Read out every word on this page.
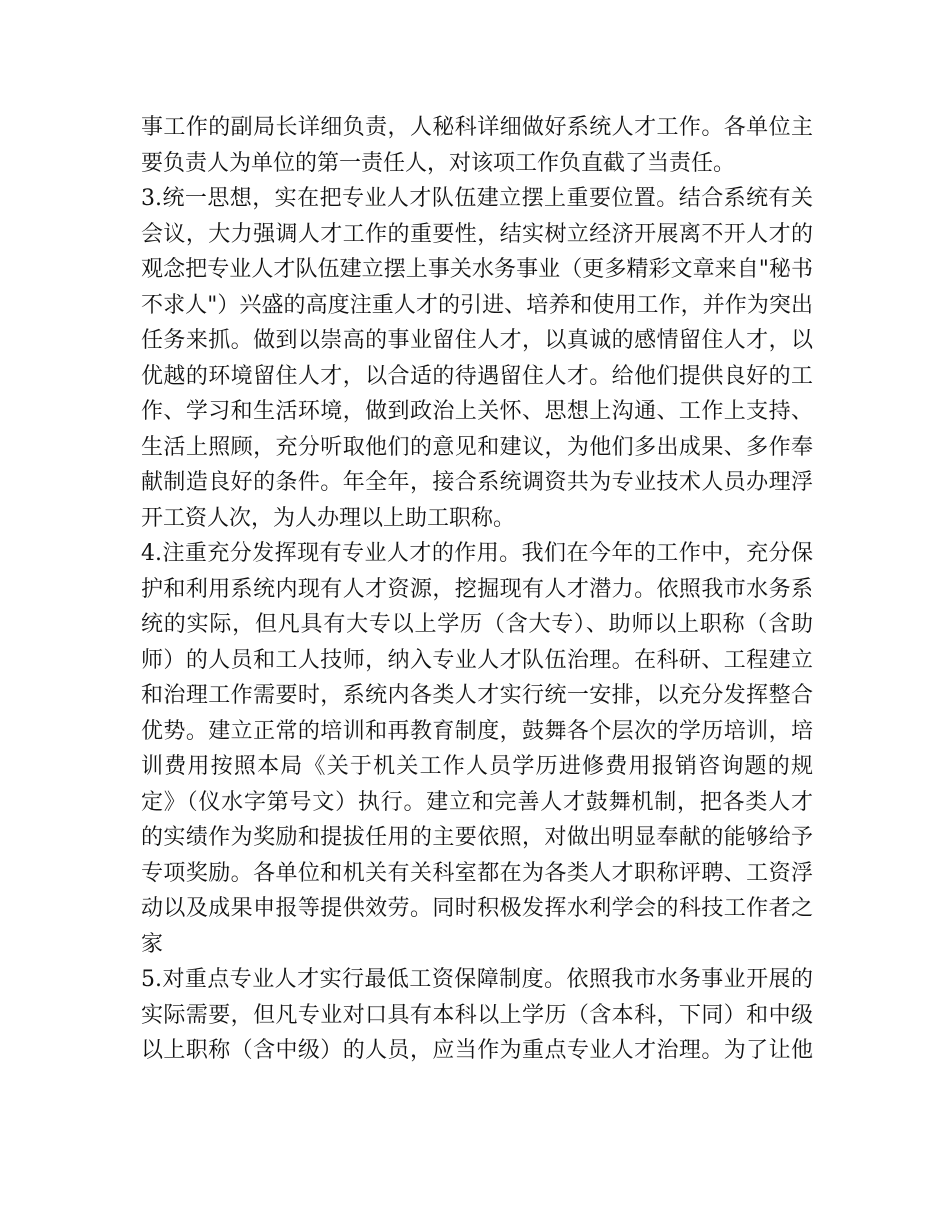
事工作的副局长详细负责，人秘科详细做好系统人才工作。各单位主
要负责人为单位的第一责任人，对该项工作负直截了当责任。
3.统一思想，实在把专业人才队伍建立摆上重要位置。结合系统有关
会议，大力强调人才工作的重要性，结实树立经济开展离不开人才的
观念把专业人才队伍建立摆上事关水务事业（更多精彩文章来自"秘书
不求人"）兴盛的高度注重人才的引进、培养和使用工作，并作为突出
任务来抓。做到以崇高的事业留住人才，以真诚的感情留住人才，以
优越的环境留住人才，以合适的待遇留住人才。给他们提供良好的工
作、学习和生活环境，做到政治上关怀、思想上沟通、工作上支持、
生活上照顾，充分听取他们的意见和建议，为他们多出成果、多作奉
献制造良好的条件。年全年，接合系统调资共为专业技术人员办理浮
开工资人次，为人办理以上助工职称。
4.注重充分发挥现有专业人才的作用。我们在今年的工作中，充分保
护和利用系统内现有人才资源，挖掘现有人才潜力。依照我市水务系
统的实际，但凡具有大专以上学历（含大专）、助师以上职称（含助
师）的人员和工人技师，纳入专业人才队伍治理。在科研、工程建立
和治理工作需要时，系统内各类人才实行统一安排，以充分发挥整合
优势。建立正常的培训和再教育制度，鼓舞各个层次的学历培训，培
训费用按照本局《关于机关工作人员学历进修费用报销咨询题的规
定》（仪水字第号文）执行。建立和完善人才鼓舞机制，把各类人才
的实绩作为奖励和提拔任用的主要依照，对做出明显奉献的能够给予
专项奖励。各单位和机关有关科室都在为各类人才职称评聘、工资浮
动以及成果申报等提供效劳。同时积极发挥水利学会的科技工作者之
家
5.对重点专业人才实行最低工资保障制度。依照我市水务事业开展的
实际需要，但凡专业对口具有本科以上学历（含本科，下同）和中级
以上职称（含中级）的人员，应当作为重点专业人才治理。为了让他
